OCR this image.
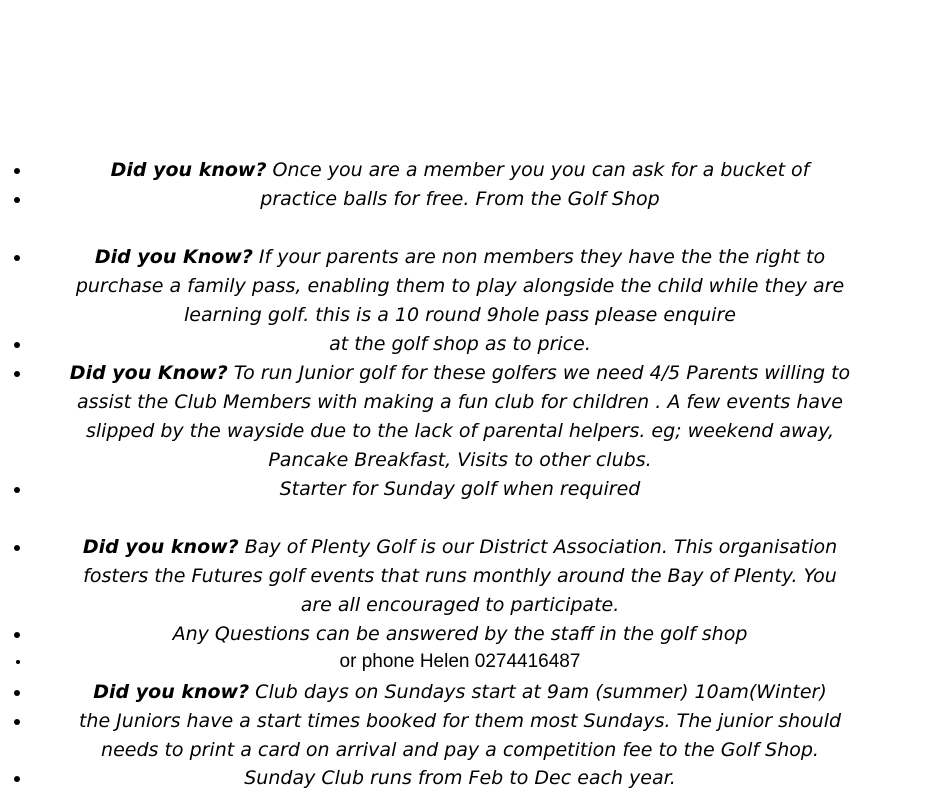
Did you know? Once you are a member you you can ask for a bucket of
practice balls for free. From the Golf Shop
Did you Know? If your parents are non members they have the the right to
purchase a family pass, enabling them to play alongside the child while they are
learning golf. this is a 10 round 9hole pass please enquire
at the golf shop as to price.
Did you Know? To run Junior golf for these golfers we need 4/5 Parents willing to
assist the Club Members with making a fun club for children . A few events have
slipped by the wayside due to the lack of parental helpers. eg; weekend away,
Pancake Breakfast, Visits to other clubs.
Starter for Sunday golf when required
Did you know? Bay of Plenty Golf is our District Association. This organisation
fosters the Futures golf events that runs monthly around the Bay of Plenty. You
are all encouraged to participate.
Any Questions can be answered by the staff in the golf shop
or phone Helen 0274416487
Did you know? Club days on Sundays start at 9am (summer) 10am(Winter)
the Juniors have a start times booked for them most Sundays. The junior should
needs to print a card on arrival and pay a competition fee to the Golf Shop.
Sunday Club runs from Feb to Dec each year.
